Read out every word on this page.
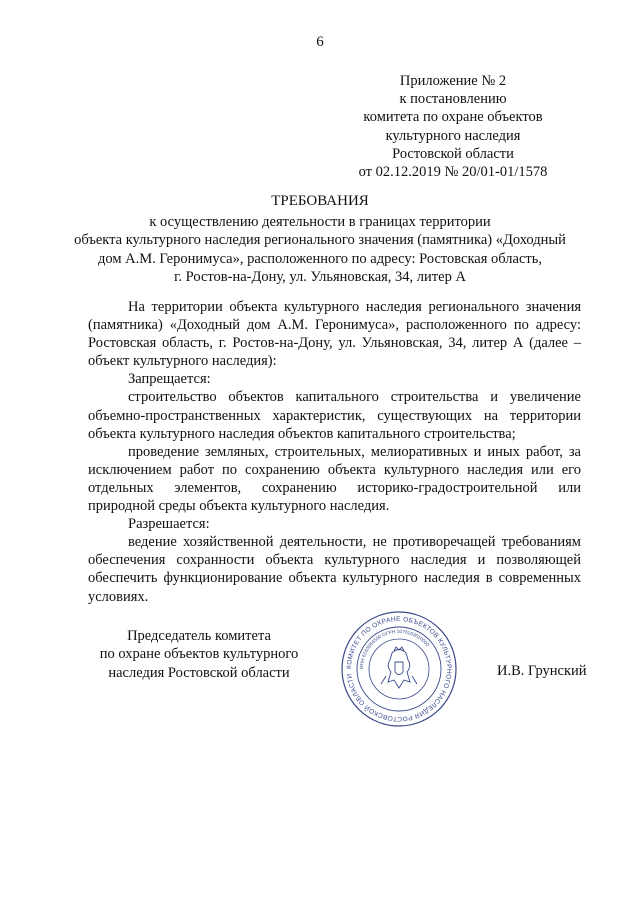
6
Приложение № 2
к постановлению
комитета по охране объектов
культурного наследия
Ростовской области
от 02.12.2019 № 20/01-01/1578
ТРЕБОВАНИЯ
к осуществлению деятельности в границах территории
объекта культурного наследия регионального значения (памятника) «Доходный
дом А.М. Геронимуса», расположенного по адресу: Ростовская область,
г. Ростов-на-Дону, ул. Ульяновская, 34, литер А

На территории объекта культурного наследия регионального значения (памятника) «Доходный дом А.М. Геронимуса», расположенного по адресу: Ростовская область, г. Ростов-на-Дону, ул. Ульяновская, 34, литер А (далее – объект культурного наследия):

Запрещается:

строительство объектов капитального строительства и увеличение объемно-пространственных характеристик, существующих на территории объекта культурного наследия объектов капитального строительства;

проведение земляных, строительных, мелиоративных и иных работ, за исключением работ по сохранению объекта культурного наследия или его отдельных элементов, сохранению историко-градостроительной или природной среды объекта культурного наследия.

Разрешается:

ведение хозяйственной деятельности, не противоречащей требованиям обеспечения сохранности объекта культурного наследия и позволяющей обеспечить функционирование объекта культурного наследия в современных условиях.

Председатель комитета
по охране объектов культурного
наследия Ростовской области	КОМИТЕТ ПО ОХРАНЕ ОБЪЕКТОВ КУЛЬТУРНОГО НАСЛЕДИЯ РОСТОВСКОЙ ОБЛАСТИ
ИНН 6163084500 ОГРН 1076163010000
И.В. Грунский
